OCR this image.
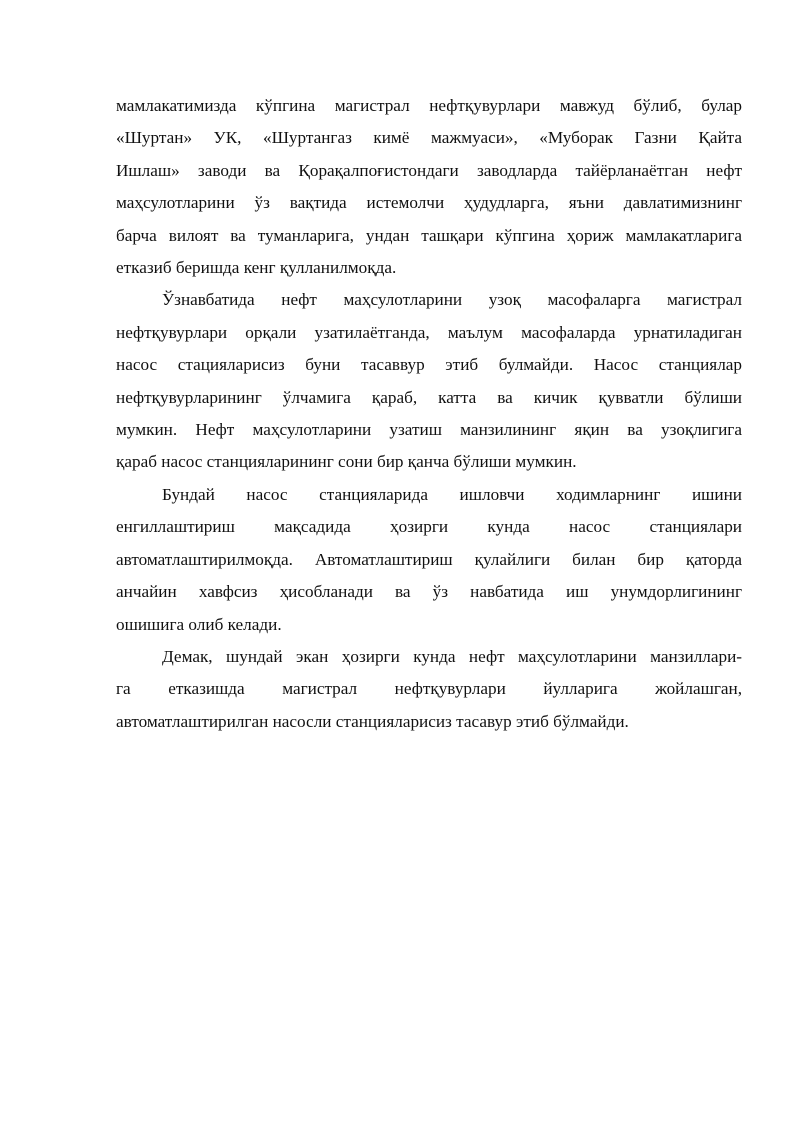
мамлакатимизда кўпгина магистрал нефтқувурлари мавжуд бўлиб, булар
«Шуртан» УК, «Шуртангаз кимё мажмуаси», «Муборак Газни Қайта
Ишлаш» заводи ва Қорақалпоғистондаги заводларда тайёрланаётган нефт
маҳсулотларини ўз вақтида истемолчи ҳудудларга, яъни давлатимизнинг
барча вилоят ва туманларига, ундан ташқари кўпгина ҳориж мамлакатларига
етказиб беришда кенг қулланилмоқда.

Ўзнавбатида нефт маҳсулотларини узоқ масофаларга магистрал
нефтқувурлари орқали узатилаётганда, маълум масофаларда урнатиладиган
насос стацияларисиз буни тасаввур этиб булмайди. Насос станциялар
нефтқувурларининг ўлчамига қараб, катта ва кичик қувватли бўлиши
мумкин. Нефт маҳсулотларини узатиш манзилининг яқин ва узоқлигига
қараб насос станцияларининг сони бир қанча бўлиши мумкин.

Бундай насос станцияларида ишловчи ходимларнинг ишини
енгиллаштириш мақсадида ҳозирги кунда насос станциялари
автоматлаштирилмоқда. Автоматлаштириш қулайлиги билан бир қаторда
анчайин хавфсиз ҳисобланади ва ўз навбатида иш унумдорлигининг
ошишига олиб келади.

Демак, шундай экан ҳозирги кунда нефт маҳсулотларини манзиллари-
га етказишда магистрал нефтқувурлари йулларига жойлашган,
автоматлаштирилган насосли станцияларисиз тасавур этиб бўлмайди.
